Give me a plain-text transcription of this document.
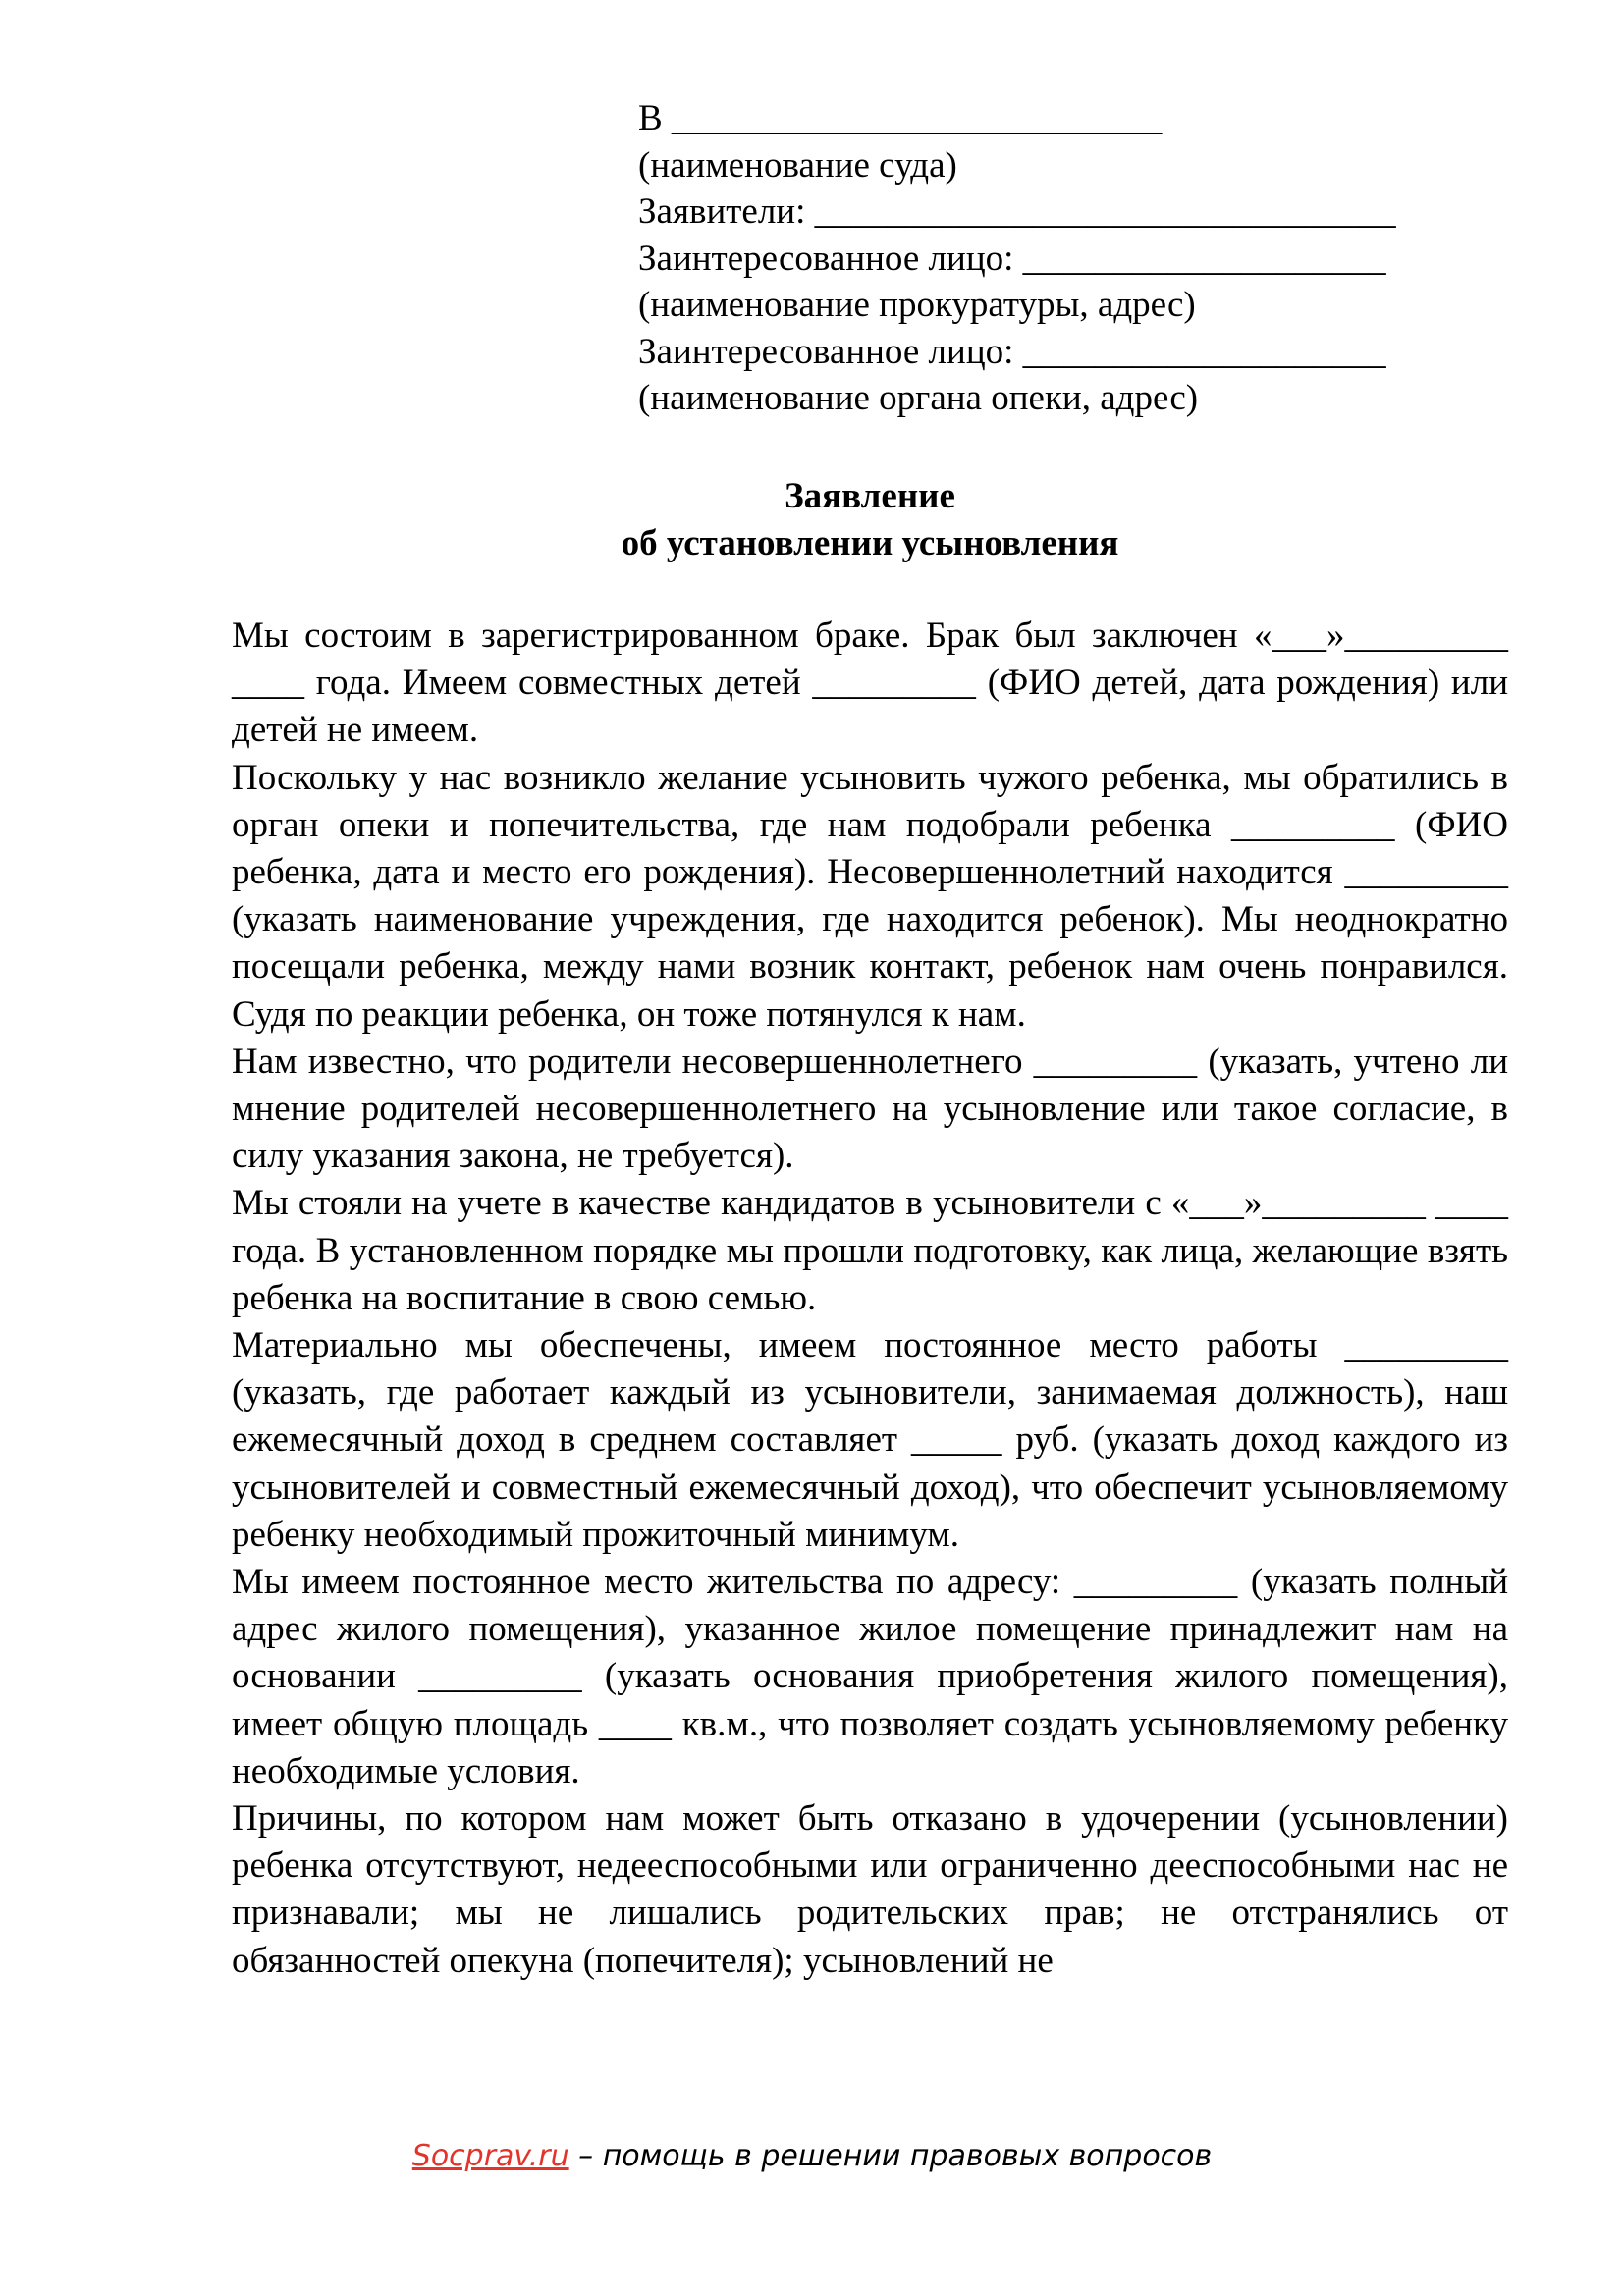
В ___________________________
(наименование суда)
Заявители: ________________________________
Заинтересованное лицо: ____________________
(наименование прокуратуры, адрес)
Заинтересованное лицо: ____________________
(наименование органа опеки, адрес)
Заявление
об установлении усыновления

Мы состоим в зарегистрированном браке. Брак был заключен «___»_________ ____ года. Имеем совместных детей _________ (ФИО детей, дата рождения) или детей не имеем.

Поскольку у нас возникло желание усыновить чужого ребенка, мы обратились в орган опеки и попечительства, где нам подобрали ребенка _________ (ФИО ребенка, дата и место его рождения). Несовершеннолетний находится _________ (указать наименование учреждения, где находится ребенок). Мы неоднократно посещали ребенка, между нами возник контакт, ребенок нам очень понравился. Судя по реакции ребенка, он тоже потянулся к нам.

Нам известно, что родители несовершеннолетнего _________ (указать, учтено ли мнение родителей несовершеннолетнего на усыновление или такое согласие, в силу указания закона, не требуется).

Мы стояли на учете в качестве кандидатов в усыновители с «___»_________ ____ года. В установленном порядке мы прошли подготовку, как лица, желающие взять ребенка на воспитание в свою семью.

Материально мы обеспечены, имеем постоянное место работы _________ (указать, где работает каждый из усыновители, занимаемая должность), наш ежемесячный доход в среднем составляет _____ руб. (указать доход каждого из усыновителей и совместный ежемесячный доход), что обеспечит усыновляемому ребенку необходимый прожиточный минимум.

Мы имеем постоянное место жительства по адресу: _________ (указать полный адрес жилого помещения), указанное жилое помещение принадлежит нам на основании _________ (указать основания приобретения жилого помещения), имеет общую площадь ____ кв.м., что позволяет создать усыновляемому ребенку необходимые условия.

Причины, по котором нам может быть отказано в удочерении (усыновлении) ребенка отсутствуют, недееспособными или ограниченно дееспособными нас не признавали; мы не лишались родительских прав; не отстранялись от обязанностей опекуна (попечителя); усыновлений не

Socprav.ru – помощь в решении правовых вопросов
